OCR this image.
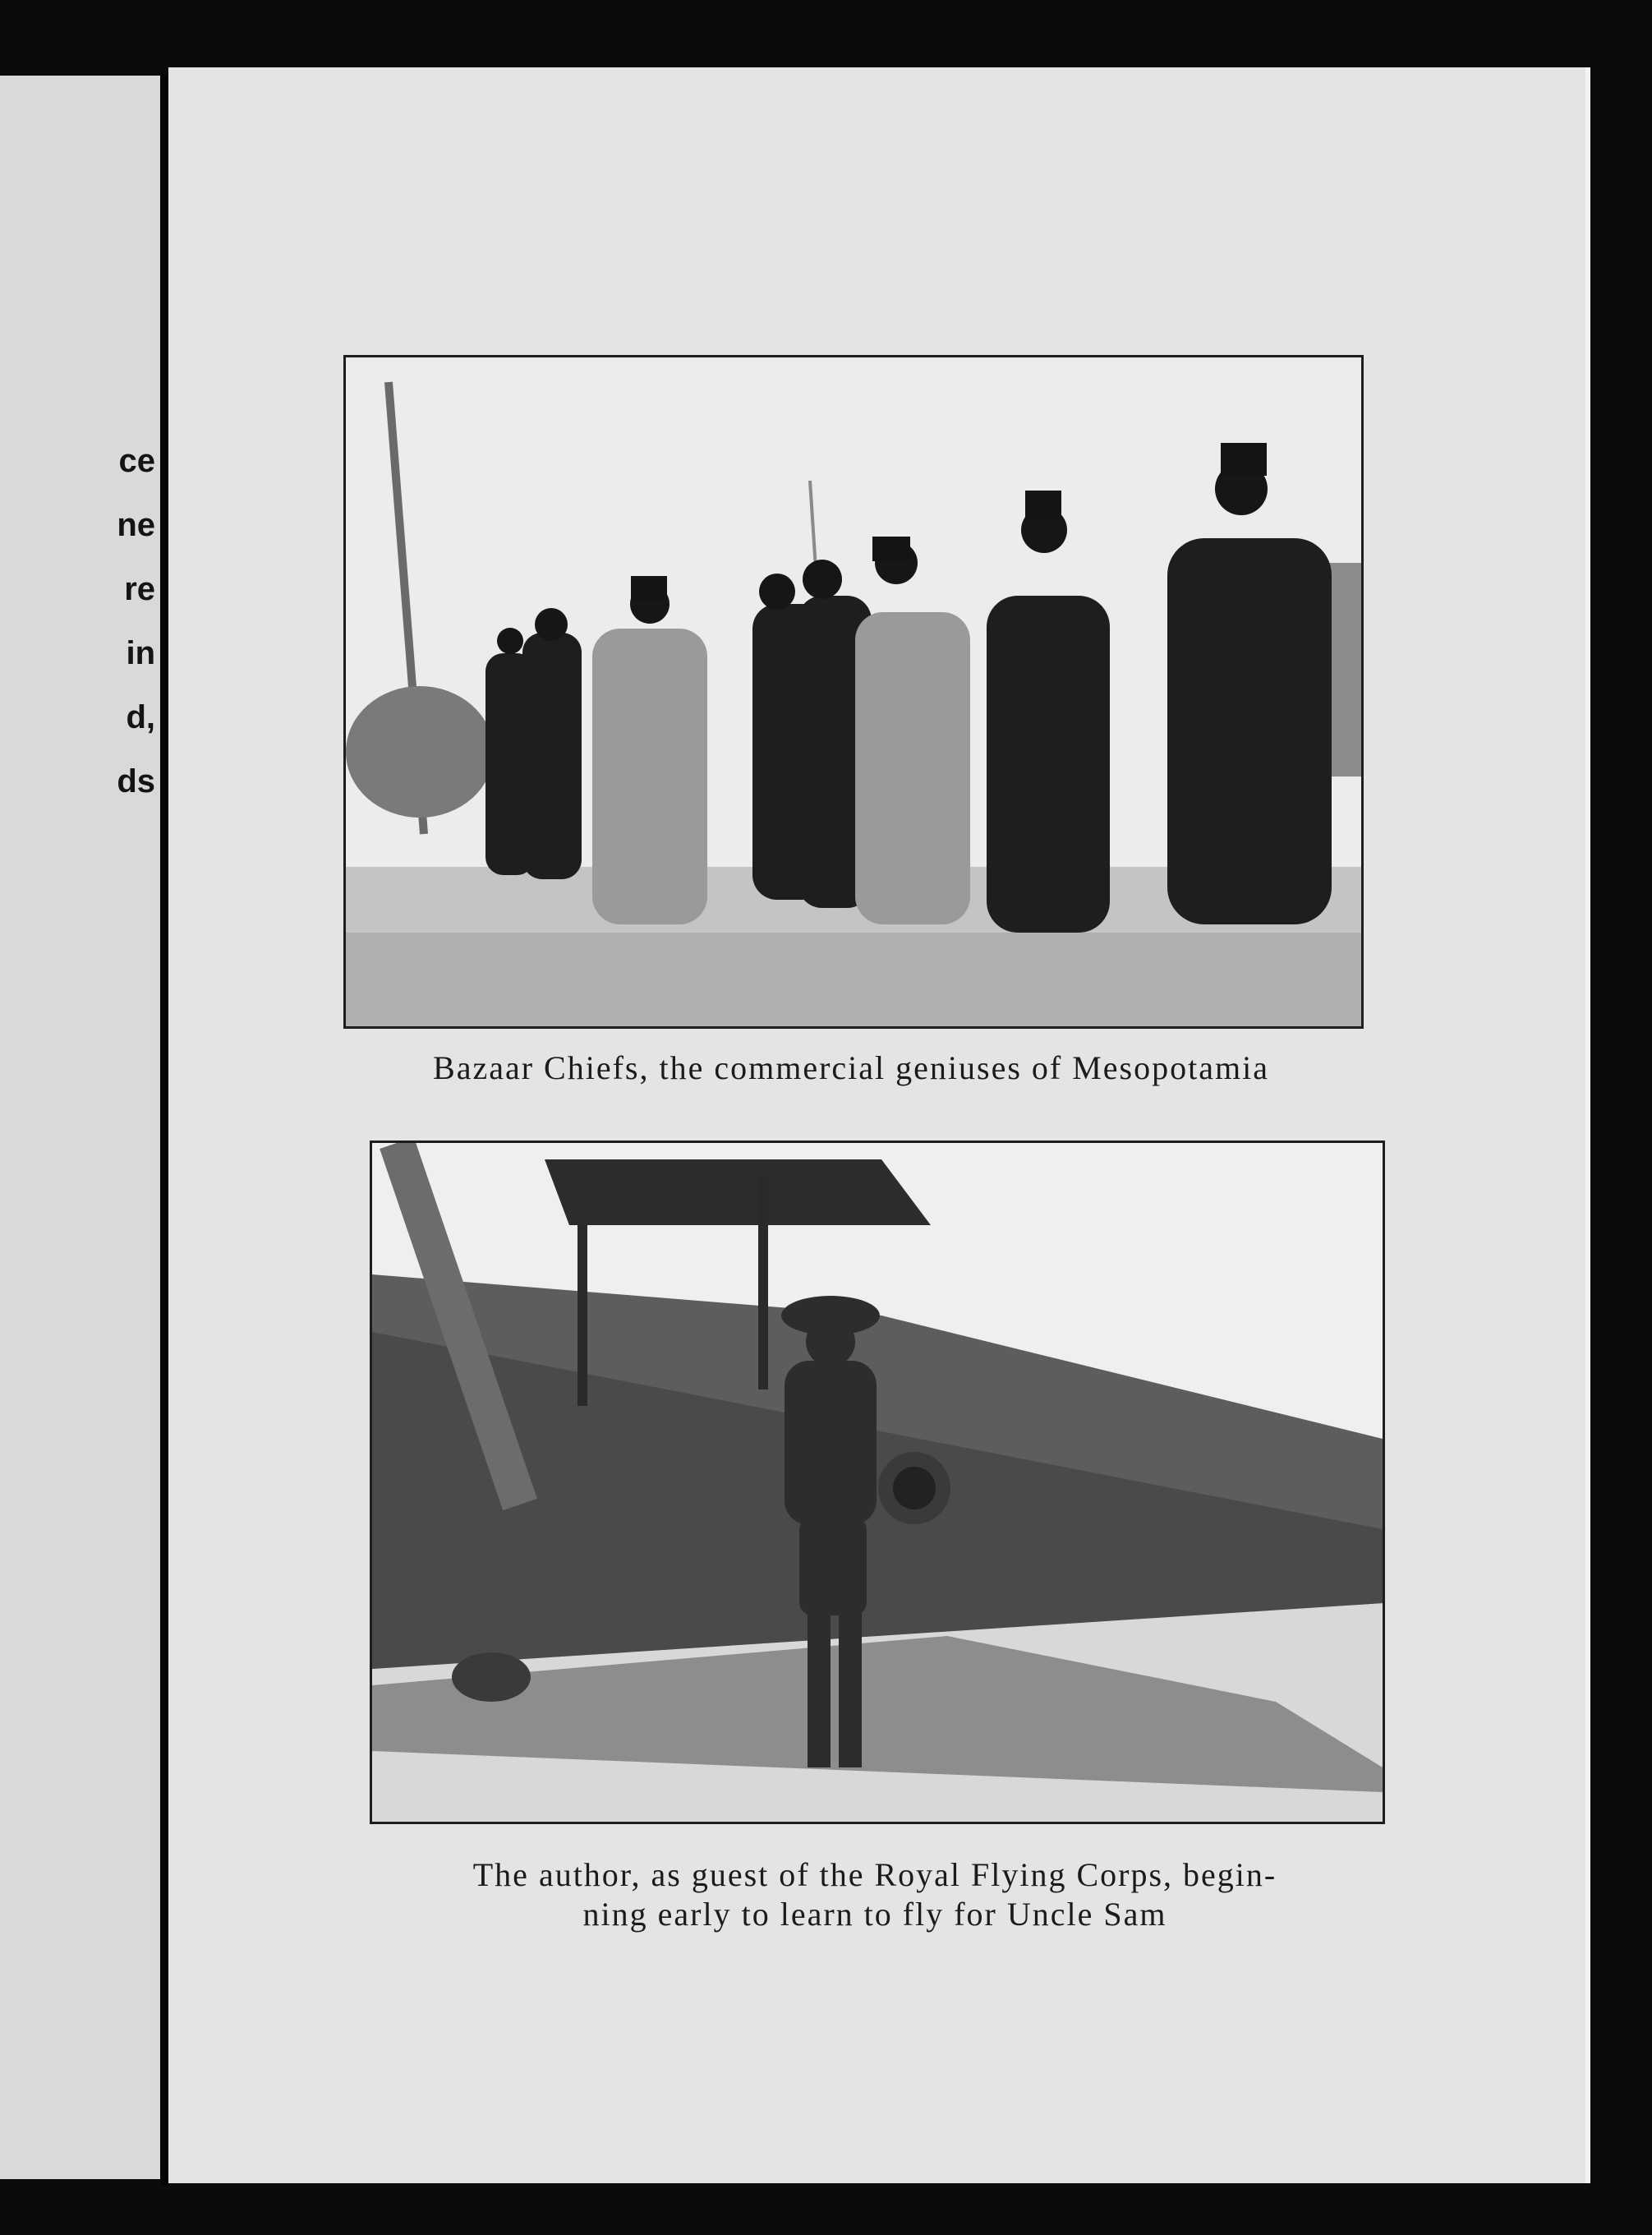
ce
ne
re
in
d,
ds
Bazaar Chiefs, the commercial geniuses of Mesopotamia
The author, as guest of the Royal Flying Corps, begin-
ning early to learn to fly for Uncle Sam
